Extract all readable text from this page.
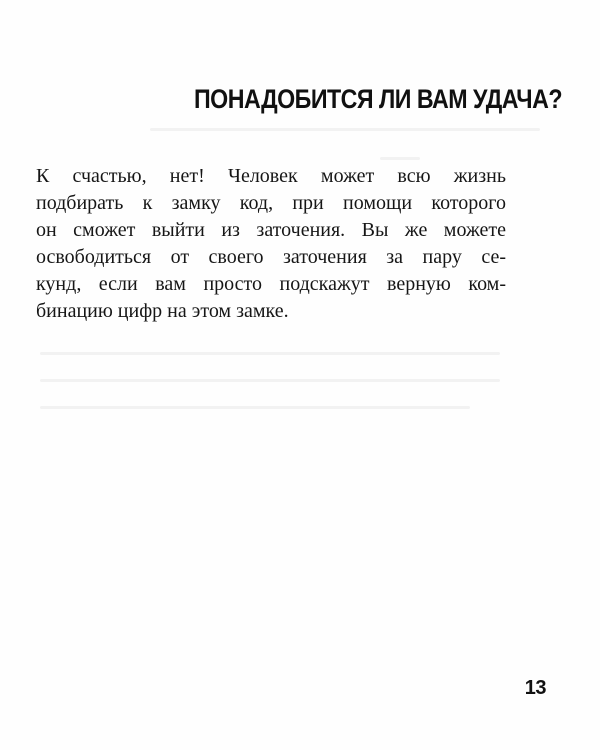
ПОНАДОБИТСЯ ЛИ ВАМ УДАЧА?

К счастью, нет! Человек может всю жизнь
подбирать к замку код, при помощи которого
он сможет выйти из заточения. Вы же можете
освободиться от своего заточения за пару се-
кунд, если вам просто подскажут верную ком-
бинацию цифр на этом замке.

13
